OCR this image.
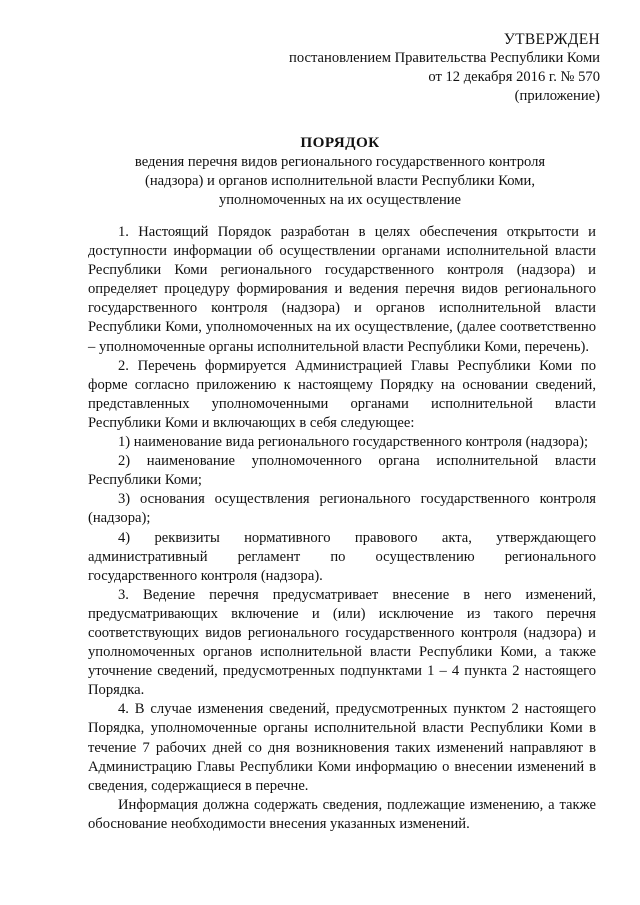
УТВЕРЖДЕН
постановлением Правительства Республики Коми
от 12 декабря 2016 г. № 570
(приложение)
ПОРЯДОК
ведения перечня видов регионального государственного контроля
(надзора) и органов исполнительной власти Республики Коми,
уполномоченных на их осуществление

1. Настоящий Порядок разработан в целях обеспечения открытости и доступности информации об осуществлении органами исполнительной власти Республики Коми регионального государственного контроля (надзора) и определяет процедуру формирования и ведения перечня видов регионального государственного контроля (надзора) и органов исполнительной власти Республики Коми, уполномоченных на их осуществление, (далее соответственно – уполномоченные органы исполнительной власти Республики Коми, перечень).

2. Перечень формируется Администрацией Главы Республики Коми по форме согласно приложению к настоящему Порядку на основании сведений, представленных уполномоченными органами исполнительной власти Республики Коми и включающих в себя следующее:

1) наименование вида регионального государственного контроля (надзора);

2) наименование уполномоченного органа исполнительной власти Республики Коми;

3) основания осуществления регионального государственного контроля (надзора);

4) реквизиты нормативного правового акта, утверждающего административный регламент по осуществлению регионального государственного контроля (надзора).

3. Ведение перечня предусматривает внесение в него изменений, предусматривающих включение и (или) исключение из такого перечня соответствующих видов регионального государственного контроля (надзора) и уполномоченных органов исполнительной власти Республики Коми, а также уточнение сведений, предусмотренных подпунктами 1 – 4 пункта 2 настоящего Порядка.

4. В случае изменения сведений, предусмотренных пунктом 2 настоящего Порядка, уполномоченные органы исполнительной власти Республики Коми в течение 7 рабочих дней со дня возникновения таких изменений направляют в Администрацию Главы Республики Коми информацию о внесении изменений в сведения, содержащиеся в перечне.

Информация должна содержать сведения, подлежащие изменению, а также обоснование необходимости внесения указанных изменений.
